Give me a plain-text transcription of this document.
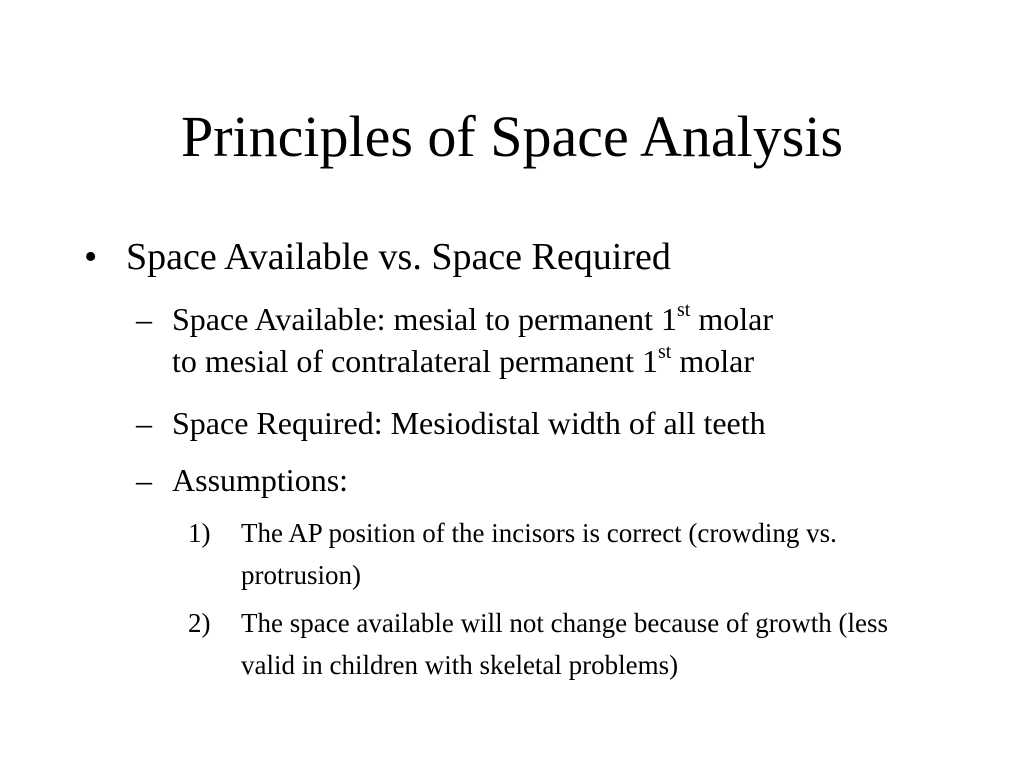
Principles of Space Analysis
• Space Available vs. Space Required
– Space Available: mesial to permanent 1st molar
to mesial of contralateral permanent 1st molar
– Space Required: Mesiodistal width of all teeth
– Assumptions:
1)	The AP position of the incisors is correct (crowding vs. protrusion)
2)	The space available will not change because of growth (less valid in children with skeletal problems)
